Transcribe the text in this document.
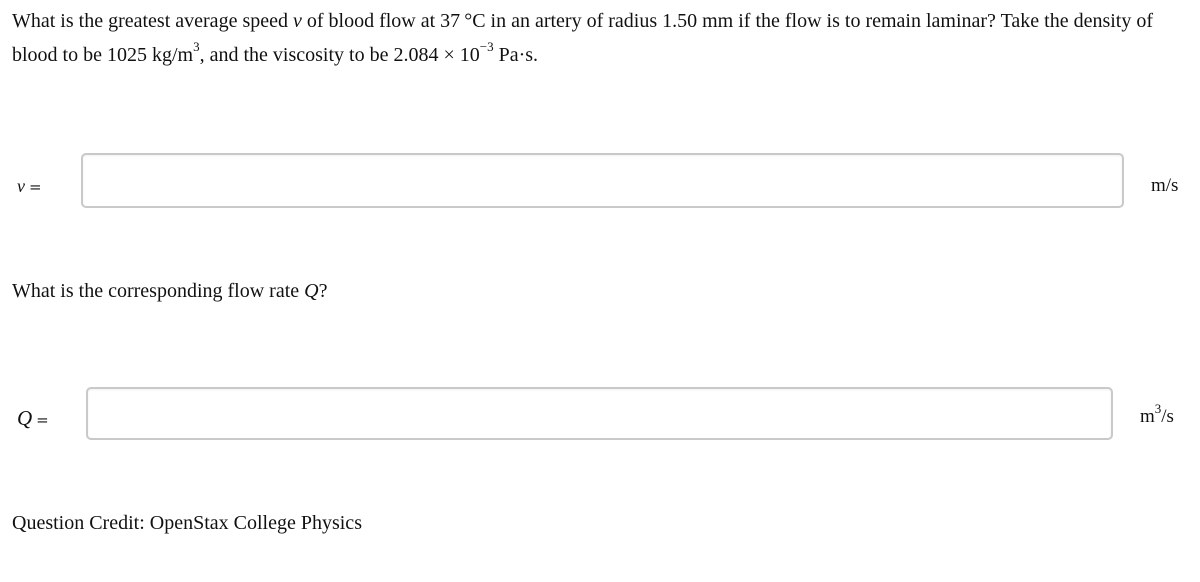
What is the greatest average speed v of blood flow at 37 °C in an artery of radius 1.50 mm if the flow is to remain laminar? Take the density of blood to be 1025 $kg/m^3$, and the viscosity to be $2.084 \times 10^{-3}$ Pa·s.
v =	m/s
What is the corresponding flow rate Q?
Q =	$m^3/s$
Question Credit: OpenStax College Physics
